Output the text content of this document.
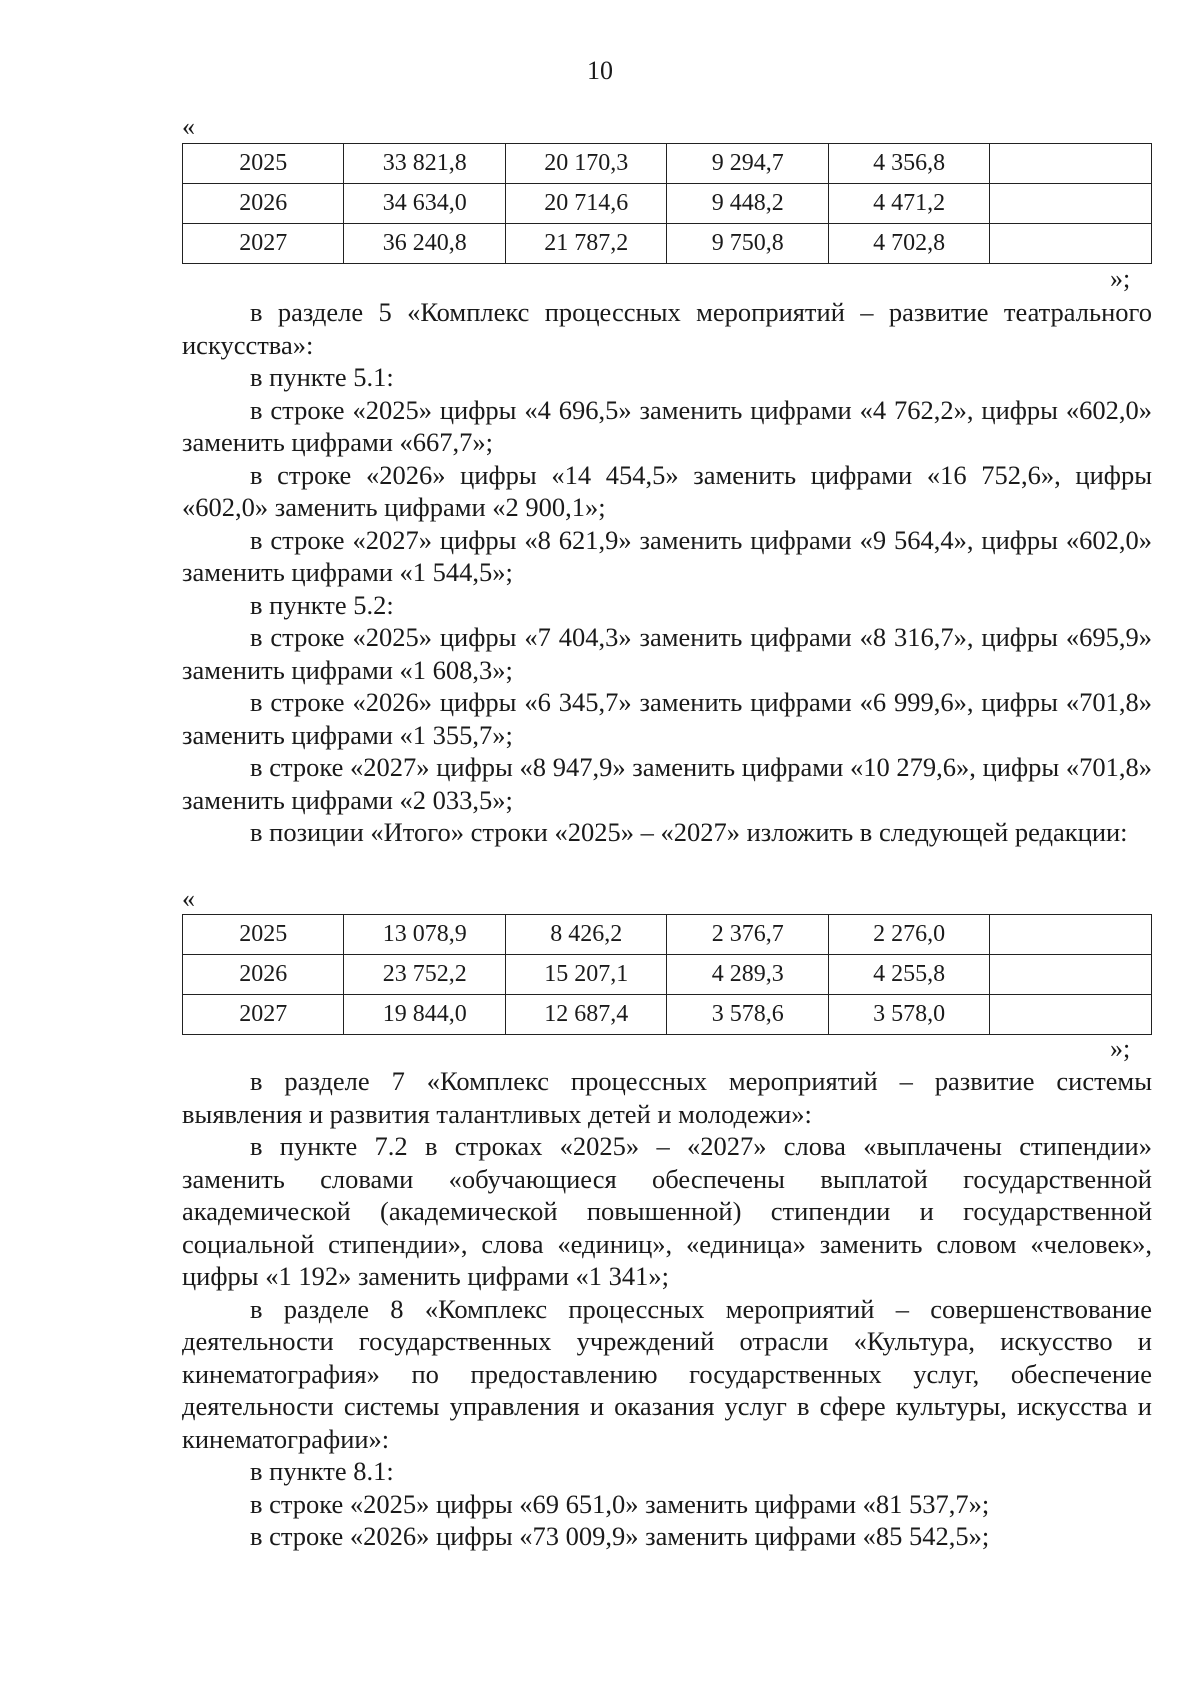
10
«
2025	33 821,8	20 170,3	9 294,7	4 356,8	
2026	34 634,0	20 714,6	9 448,2	4 471,2	
2027	36 240,8	21 787,2	9 750,8	4 702,8	
»;

в разделе 5 «Комплекс процессных мероприятий – развитие театрального искусства»:

в пункте 5.1:

в строке «2025» цифры «4 696,5» заменить цифрами «4 762,2», цифры «602,0» заменить цифрами «667,7»;

в строке «2026» цифры «14 454,5» заменить цифрами «16 752,6», цифры «602,0» заменить цифрами «2 900,1»;

в строке «2027» цифры «8 621,9» заменить цифрами «9 564,4», цифры «602,0» заменить цифрами «1 544,5»;

в пункте 5.2:

в строке «2025» цифры «7 404,3» заменить цифрами «8 316,7», цифры «695,9» заменить цифрами «1 608,3»;

в строке «2026» цифры «6 345,7» заменить цифрами «6 999,6», цифры «701,8» заменить цифрами «1 355,7»;

в строке «2027» цифры «8 947,9» заменить цифрами «10 279,6», цифры «701,8» заменить цифрами «2 033,5»;

в позиции «Итого» строки «2025» – «2027» изложить в следующей редакции:

«
2025	13 078,9	8 426,2	2 376,7	2 276,0	
2026	23 752,2	15 207,1	4 289,3	4 255,8	
2027	19 844,0	12 687,4	3 578,6	3 578,0	
»;

в разделе 7 «Комплекс процессных мероприятий – развитие системы выявления и развития талантливых детей и молодежи»:

в пункте 7.2 в строках «2025» – «2027» слова «выплачены стипендии» заменить словами «обучающиеся обеспечены выплатой государственной академической (академической повышенной) стипендии и государственной социальной стипендии», слова «единиц», «единица» заменить словом «человек», цифры «1 192» заменить цифрами «1 341»;

в разделе 8 «Комплекс процессных мероприятий – совершенствование деятельности государственных учреждений отрасли «Культура, искусство и кинематография» по предоставлению государственных услуг, обеспечение деятельности системы управления и оказания услуг в сфере культуры, искусства и кинематографии»:

в пункте 8.1:

в строке «2025» цифры «69 651,0» заменить цифрами «81 537,7»;

в строке «2026» цифры «73 009,9» заменить цифрами «85 542,5»;
